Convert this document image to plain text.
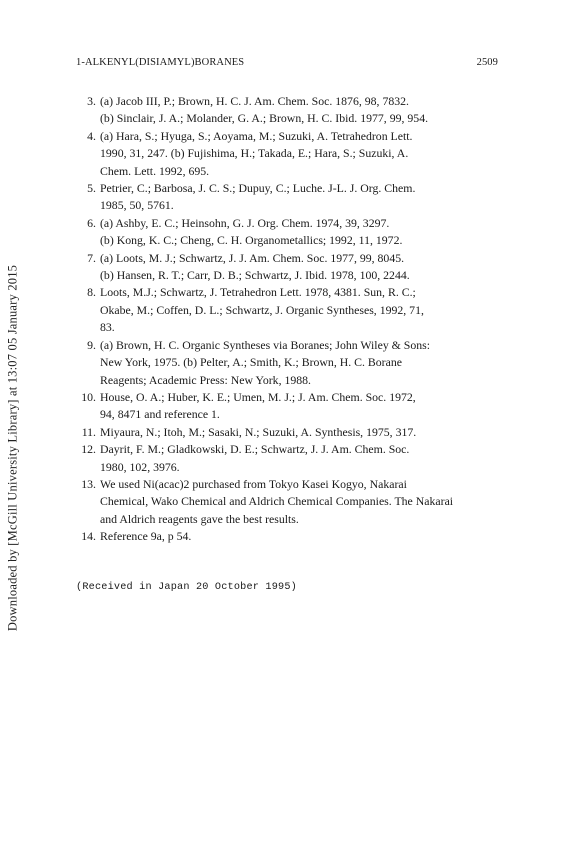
Downloaded by [McGill University Library] at 13:07 05 January 2015
1-ALKENYL(DISIAMYL)BORANES	2509
3. (a) Jacob III, P.; Brown, H. C. J. Am. Chem. Soc. 1876, 98, 7832.
(b) Sinclair, J. A.; Molander, G. A.; Brown, H. C. Ibid. 1977, 99, 954.
4. (a) Hara, S.; Hyuga, S.; Aoyama, M.; Suzuki, A. Tetrahedron Lett.
1990, 31, 247. (b) Fujishima, H.; Takada, E.; Hara, S.; Suzuki, A.
Chem. Lett. 1992, 695.
5. Petrier, C.; Barbosa, J. C. S.; Dupuy, C.; Luche. J-L. J. Org. Chem.
1985, 50, 5761.
6. (a) Ashby, E. C.; Heinsohn, G. J. Org. Chem. 1974, 39, 3297.
(b) Kong, K. C.; Cheng, C. H. Organometallics; 1992, 11, 1972.
7. (a) Loots, M. J.; Schwartz, J. J. Am. Chem. Soc. 1977, 99, 8045.
(b) Hansen, R. T.; Carr, D. B.; Schwartz, J. Ibid. 1978, 100, 2244.
8. Loots, M.J.; Schwartz, J. Tetrahedron Lett. 1978, 4381. Sun, R. C.;
Okabe, M.; Coffen, D. L.; Schwartz, J. Organic Syntheses, 1992, 71,
83.
9. (a) Brown, H. C. Organic Syntheses via Boranes; John Wiley & Sons:
New York, 1975. (b) Pelter, A.; Smith, K.; Brown, H. C. Borane
Reagents; Academic Press: New York, 1988.
10. House, O. A.; Huber, K. E.; Umen, M. J.; J. Am. Chem. Soc. 1972,
94, 8471 and reference 1.
11. Miyaura, N.; Itoh, M.; Sasaki, N.; Suzuki, A. Synthesis, 1975, 317.
12. Dayrit, F. M.; Gladkowski, D. E.; Schwartz, J. J. Am. Chem. Soc.
1980, 102, 3976.
13. We used Ni(acac)2 purchased from Tokyo Kasei Kogyo, Nakarai
Chemical, Wako Chemical and Aldrich Chemical Companies. The Nakarai
and Aldrich reagents gave the best results.
14. Reference 9a, p 54.
(Received in Japan 20 October 1995)
